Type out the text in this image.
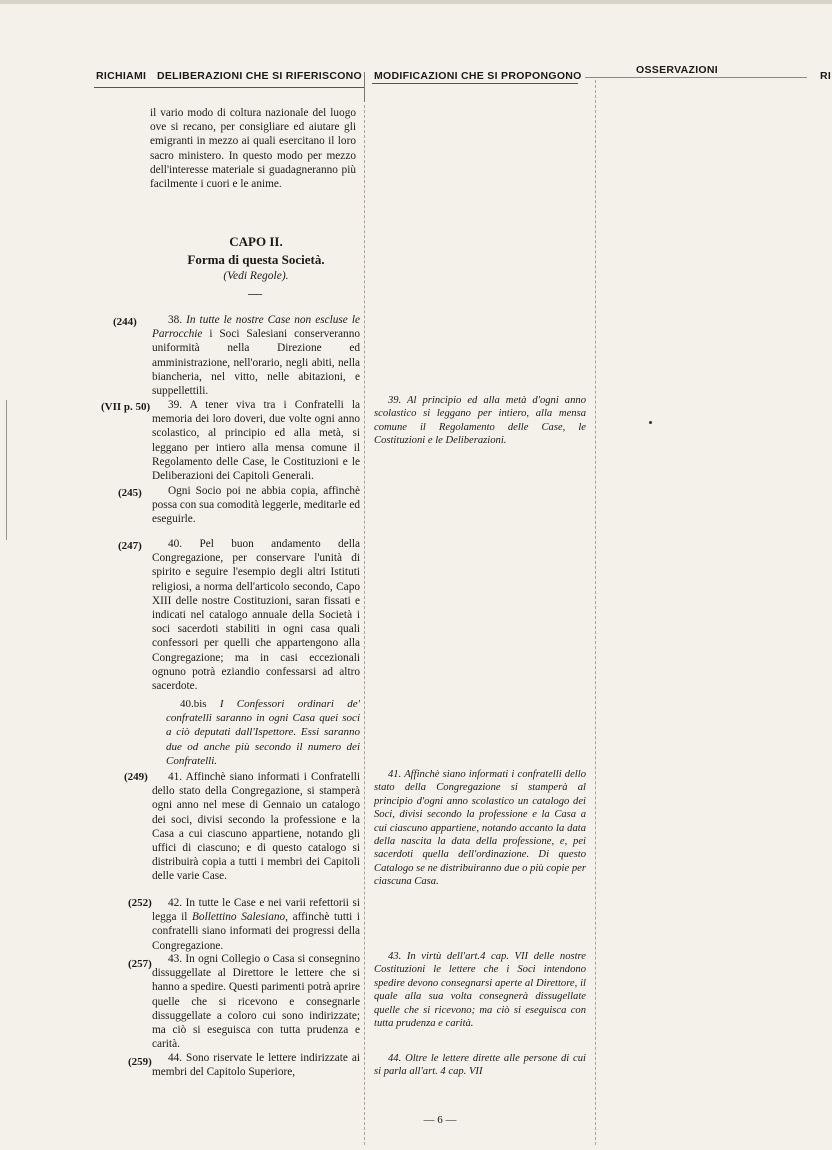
RICHIAMI DELIBERAZIONI CHE SI RIFERISCONO MODIFICAZIONI CHE SI PROPONGONO	OSSERVAZIONI	RI

il vario modo di coltura nazionale del luogo ove si recano, per consigliare ed aiutare gli emigranti in mezzo ai quali esercitano il loro sacro ministero. In questo modo per mezzo dell'interesse materiale si guadagneranno più facilmente i cuori e le anime.

CAPO II.
Forma di questa Società.
(Vedi Regole).
(244)
(VII p. 50)
(245)
(247)
(249)
(252)
(257)
(259)

38. In tutte le nostre Case non escluse le Parrocchie i Soci Salesiani conserveranno uniformità nella Direzione ed amministrazione, nell'orario, negli abiti, nella biancheria, nel vitto, nelle abitazioni, e suppellettili.

39. A tener viva tra i Confratelli la memoria dei loro doveri, due volte ogni anno scolastico, al principio ed alla metà, si leggano per intiero alla mensa comune il Regolamento delle Case, le Costituzioni e le Deliberazioni dei Capitoli Generali.

Ogni Socio poi ne abbia copia, affinchè possa con sua comodità leggerle, meditarle ed eseguirle.

40. Pel buon andamento della Congregazione, per conservare l'unità di spirito e seguire l'esempio degli altri Istituti religiosi, a norma dell'articolo secondo, Capo XIII delle nostre Costituzioni, saran fissati e indicati nel catalogo annuale della Società i soci sacerdoti stabiliti in ogni casa quali confessori per quelli che appartengono alla Congregazione; ma in casi eccezionali ognuno potrà eziandio confessarsi ad altro sacerdote.

40.bis I Confessori ordinari de' confratelli saranno in ogni Casa quei soci a ciò deputati dall'Ispettore. Essi saranno due od anche più secondo il numero dei Confratelli.

41. Affinchè siano informati i Confratelli dello stato della Congregazione, si stamperà ogni anno nel mese di Gennaio un catalogo dei soci, divisi secondo la professione e la Casa a cui ciascuno appartiene, notando gli uffici di ciascuno; e di questo catalogo si distribuirà copia a tutti i membri dei Capitoli delle varie Case.

42. In tutte le Case e nei varii refettorii si legga il Bollettino Salesiano, affinchè tutti i confratelli siano informati dei progressi della Congregazione.

43. In ogni Collegio o Casa si consegnino dissuggellate al Direttore le lettere che si hanno a spedire. Questi parimenti potrà aprire quelle che si ricevono e consegnarle dissuggellate a coloro cui sono indirizzate; ma ciò si eseguisca con tutta prudenza e carità.

44. Sono riservate le lettere indirizzate ai membri del Capitolo Superiore,

39. Al principio ed alla metà d'ogni anno scolastico si leggano per intiero, alla mensa comune il Regolamento delle Case, le Costituzioni e le Deliberazioni.

41. Affinchè siano informati i confratelli dello stato della Congregazione si stamperà al principio d'ogni anno scolastico un catalogo dei Soci, divisi secondo la professione e la Casa a cui ciascuno appartiene, notando accanto la data della nascita la data della professione, e, pei sacerdoti quella dell'ordinazione. Di questo Catalogo se ne distribuiranno due o più copie per ciascuna Casa.

43. In virtù dell'art.4 cap. VII delle nostre Costituzioni le lettere che i Soci intendono spedire devono consegnarsi aperte al Direttore, il quale alla sua volta consegnerà dissugellate quelle che si ricevono; ma ciò si eseguisca con tutta prudenza e carità.

44. Oltre le lettere dirette alle persone di cui si parla all'art. 4 cap. VII

— 6 —
